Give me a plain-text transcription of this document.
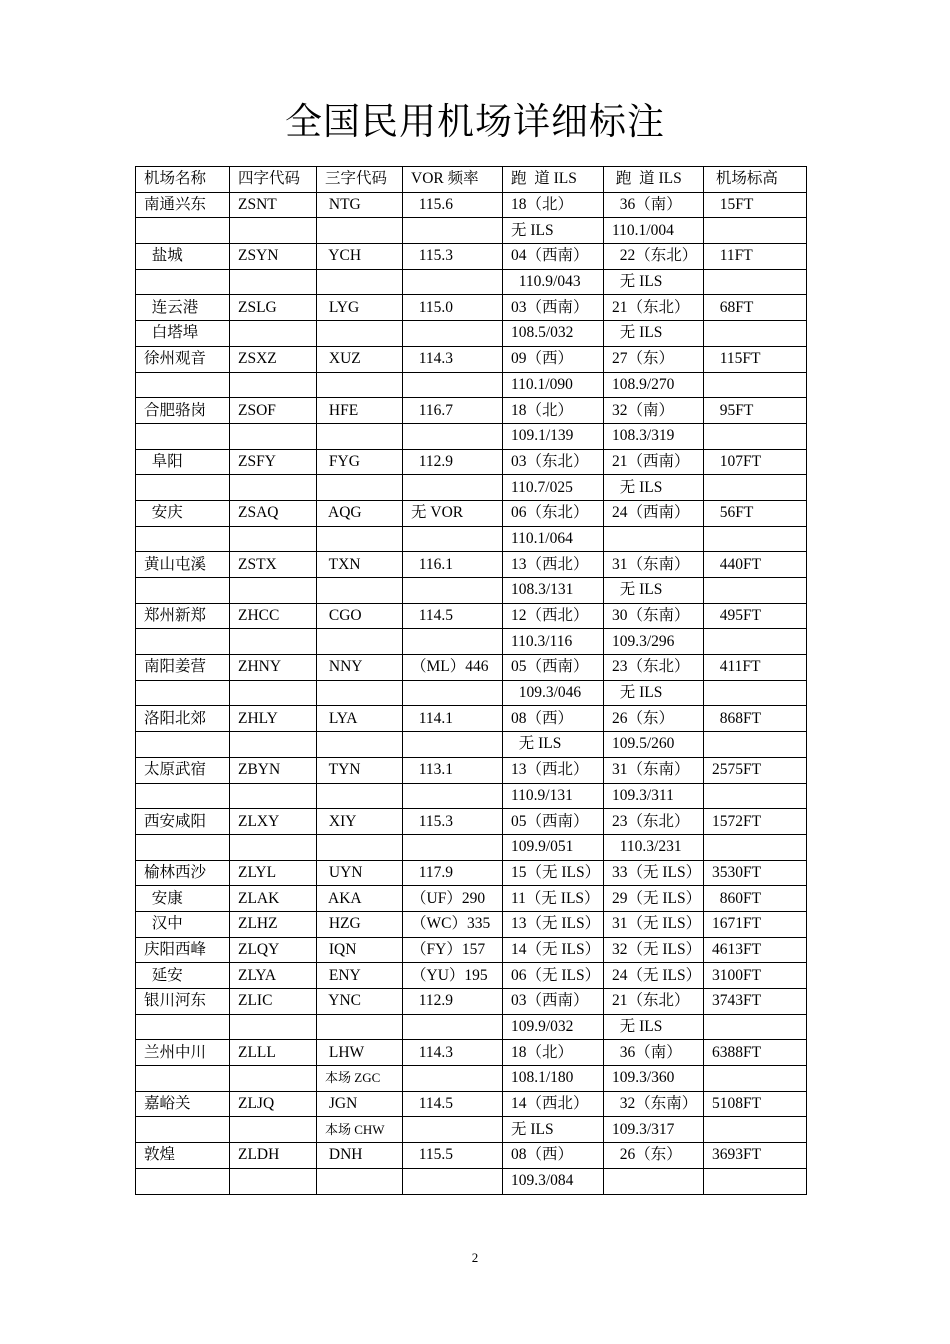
全国民用机场详细标注
机场名称	四字代码	三字代码	VOR 频率	跑  道 ILS	跑  道 ILS	机场标高
南通兴东	ZSNT	NTG	115.6	18（北）	36（南）	15FT
				无 ILS	110.1/004	
盐城	ZSYN	YCH	115.3	04（西南）	22（东北）	11FT
				110.9/043	无 ILS	
连云港	ZSLG	LYG	115.0	03（西南）	21（东北）	68FT
白塔埠				108.5/032	无 ILS	
徐州观音	ZSXZ	XUZ	114.3	09（西）	27（东）	115FT
				110.1/090	108.9/270	
合肥骆岗	ZSOF	HFE	116.7	18（北）	32（南）	95FT
				109.1/139	108.3/319	
阜阳	ZSFY	FYG	112.9	03（东北）	21（西南）	107FT
				110.7/025	无 ILS	
安庆	ZSAQ	AQG	无 VOR	06（东北）	24（西南）	56FT
				110.1/064		
黄山屯溪	ZSTX	TXN	116.1	13（西北）	31（东南）	440FT
				108.3/131	无 ILS	
郑州新郑	ZHCC	CGO	114.5	12（西北）	30（东南）	495FT
				110.3/116	109.3/296	
南阳姜营	ZHNY	NNY	（ML）446	05（西南）	23（东北）	411FT
				109.3/046	无 ILS	
洛阳北郊	ZHLY	LYA	114.1	08（西）	26（东）	868FT
				无 ILS	109.5/260	
太原武宿	ZBYN	TYN	113.1	13（西北）	31（东南）	2575FT
				110.9/131	109.3/311	
西安咸阳	ZLXY	XIY	115.3	05（西南）	23（东北）	1572FT
				109.9/051	110.3/231	
榆林西沙	ZLYL	UYN	117.9	15（无 ILS）	33（无 ILS）	3530FT
安康	ZLAK	AKA	（UF）290	11（无 ILS）	29（无 ILS）	860FT
汉中	ZLHZ	HZG	（WC）335	13（无 ILS）	31（无 ILS）	1671FT
庆阳西峰	ZLQY	IQN	（FY）157	14（无 ILS）	32（无 ILS）	4613FT
延安	ZLYA	ENY	（YU）195	06（无 ILS）	24（无 ILS）	3100FT
银川河东	ZLIC	YNC	112.9	03（西南）	21（东北）	3743FT
				109.9/032	无 ILS	
兰州中川	ZLLL	LHW	114.3	18（北）	36（南）	6388FT
		本场 ZGC		108.1/180	109.3/360	
嘉峪关	ZLJQ	JGN	114.5	14（西北）	32（东南）	5108FT
		本场 CHW		无 ILS	109.3/317	
敦煌	ZLDH	DNH	115.5	08（西）	26（东）	3693FT
				109.3/084		
2
